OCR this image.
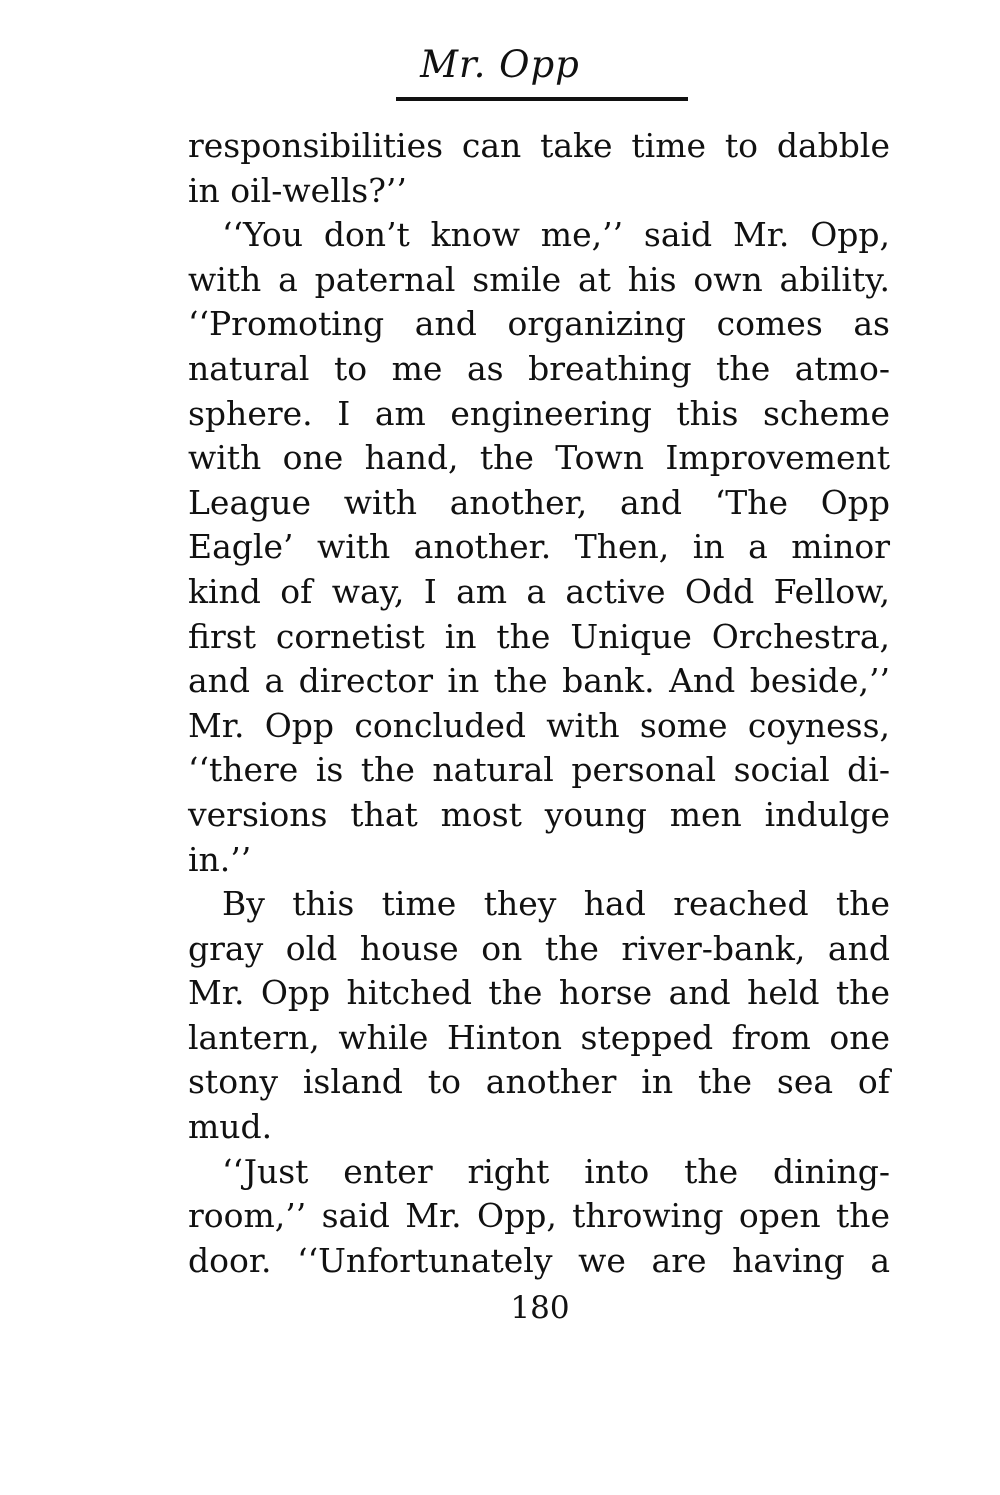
Mr. Opp
responsibilities can take time to dabble
in oil-wells?’’
‘‘You don’t know me,’’ said Mr. Opp,
with a paternal smile at his own ability.
‘‘Promoting and organizing comes as
natural to me as breathing the atmo-
sphere. I am engineering this scheme
with one hand, the Town Improvement
League with another, and ‘The Opp
Eagle’ with another. Then, in a minor
kind of way, I am a active Odd Fellow,
first cornetist in the Unique Orchestra,
and a director in the bank. And beside,’’
Mr. Opp concluded with some coyness,
‘‘there is the natural personal social di-
versions that most young men indulge
in.’’
By this time they had reached the
gray old house on the river-bank, and
Mr. Opp hitched the horse and held the
lantern, while Hinton stepped from one
stony island to another in the sea of
mud.
‘‘Just enter right into the dining-
room,’’ said Mr. Opp, throwing open the
door. ‘‘Unfortunately we are having a

180
